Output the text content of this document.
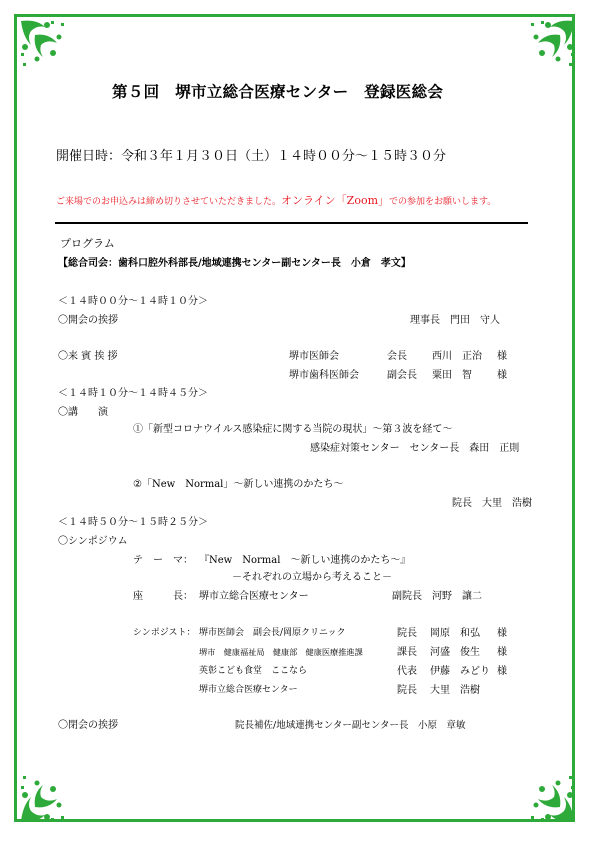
第５回　堺市立総合医療センター　登録医総会
開催日時：令和３年１月３０日（土）１４時００分～１５時３０分
ご来場でのお申込みは締め切りさせていただきました。オンライン「Zoom」での参加をお願いします。
プログラム
【総合司会：歯科口腔外科部長/地域連携センター副センター長　小倉　孝文】
＜１４時００分～１４時１０分＞
〇開会の挨拶	理事長　門田　守人
〇来 賓 挨 拶	堺市医師会	会長	西川　正治 様
堺市歯科医師会	副会長 粟田　智	様
＜１４時１０分～１４時４５分＞
〇講　　演
①「新型コロナウイルス感染症に関する当院の現状」～第３波を経て～
感染症対策センター　センター長　森田　正則
②「New　Normal」～新しい連携のかたち～
院長　大里　浩樹
＜１４時５０分～１５時２５分＞
〇シンポジウム
テ　ー　マ： 『New　Normal　～新しい連携のかたち～』
－それぞれの立場から考えること－
座　　　長： 堺市立総合医療センター	副院長　河野　讓二
シンポジスト： 堺市医師会　副会長/岡原クリニック	院長 岡原　和弘 様
堺市　健康福祉局　健康部　健康医療推進課	課長 河盛　俊生 様
英彰こども食堂　ここなら	代表 伊藤　みどり 様
堺市立総合医療センター	院長 大里　浩樹
〇閉会の挨拶	院長補佐/地域連携センター副センター長　小原　章敏
